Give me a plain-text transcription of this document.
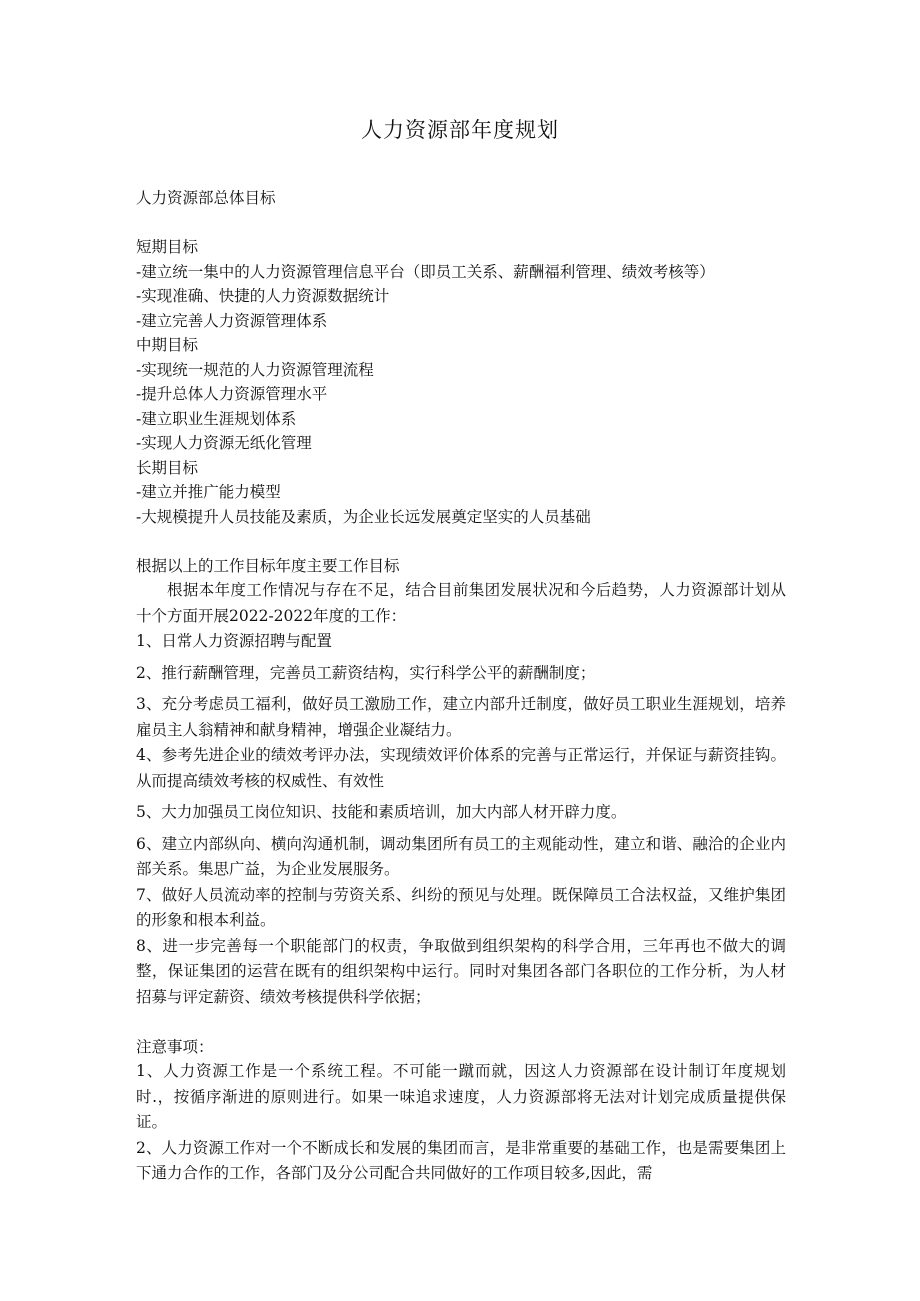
人力资源部年度规划
人力资源部总体目标
短期目标
-建立统一集中的人力资源管理信息平台（即员工关系、薪酬福利管理、绩效考核等）
-实现准确、快捷的人力资源数据统计
-建立完善人力资源管理体系
中期目标
-实现统一规范的人力资源管理流程
-提升总体人力资源管理水平
-建立职业生涯规划体系
-实现人力资源无纸化管理
长期目标
-建立并推广能力模型
-大规模提升人员技能及素质，为企业长远发展奠定坚实的人员基础
根据以上的工作目标年度主要工作目标
根据本年度工作情况与存在不足，结合目前集团发展状况和今后趋势，人力资源部计划从十个方面开展2022-2022年度的工作：
1、日常人力资源招聘与配置
2、推行薪酬管理，完善员工薪资结构，实行科学公平的薪酬制度；
3、充分考虑员工福利，做好员工激励工作，建立内部升迁制度，做好员工职业生涯规划，培养雇员主人翁精神和献身精神，增强企业凝结力。
4、参考先进企业的绩效考评办法，实现绩效评价体系的完善与正常运行，并保证与薪资挂钩。从而提高绩效考核的权威性、有效性
5、大力加强员工岗位知识、技能和素质培训，加大内部人材开辟力度。
6、建立内部纵向、横向沟通机制，调动集团所有员工的主观能动性，建立和谐、融洽的企业内部关系。集思广益，为企业发展服务。
7、做好人员流动率的控制与劳资关系、纠纷的预见与处理。既保障员工合法权益，又维护集团的形象和根本利益。
8、进一步完善每一个职能部门的权责，争取做到组织架构的科学合用，三年再也不做大的调整，保证集团的运营在既有的组织架构中运行。同时对集团各部门各职位的工作分析，为人材招募与评定薪资、绩效考核提供科学依据；
注意事项：
1、人力资源工作是一个系统工程。不可能一蹴而就，因这人力资源部在设计制订年度规划时.，按循序渐进的原则进行。如果一味追求速度，人力资源部将无法对计划完成质量提供保证。
2、人力资源工作对一个不断成长和发展的集团而言，是非常重要的基础工作，也是需要集团上下通力合作的工作，各部门及分公司配合共同做好的工作项目较多,因此，需
